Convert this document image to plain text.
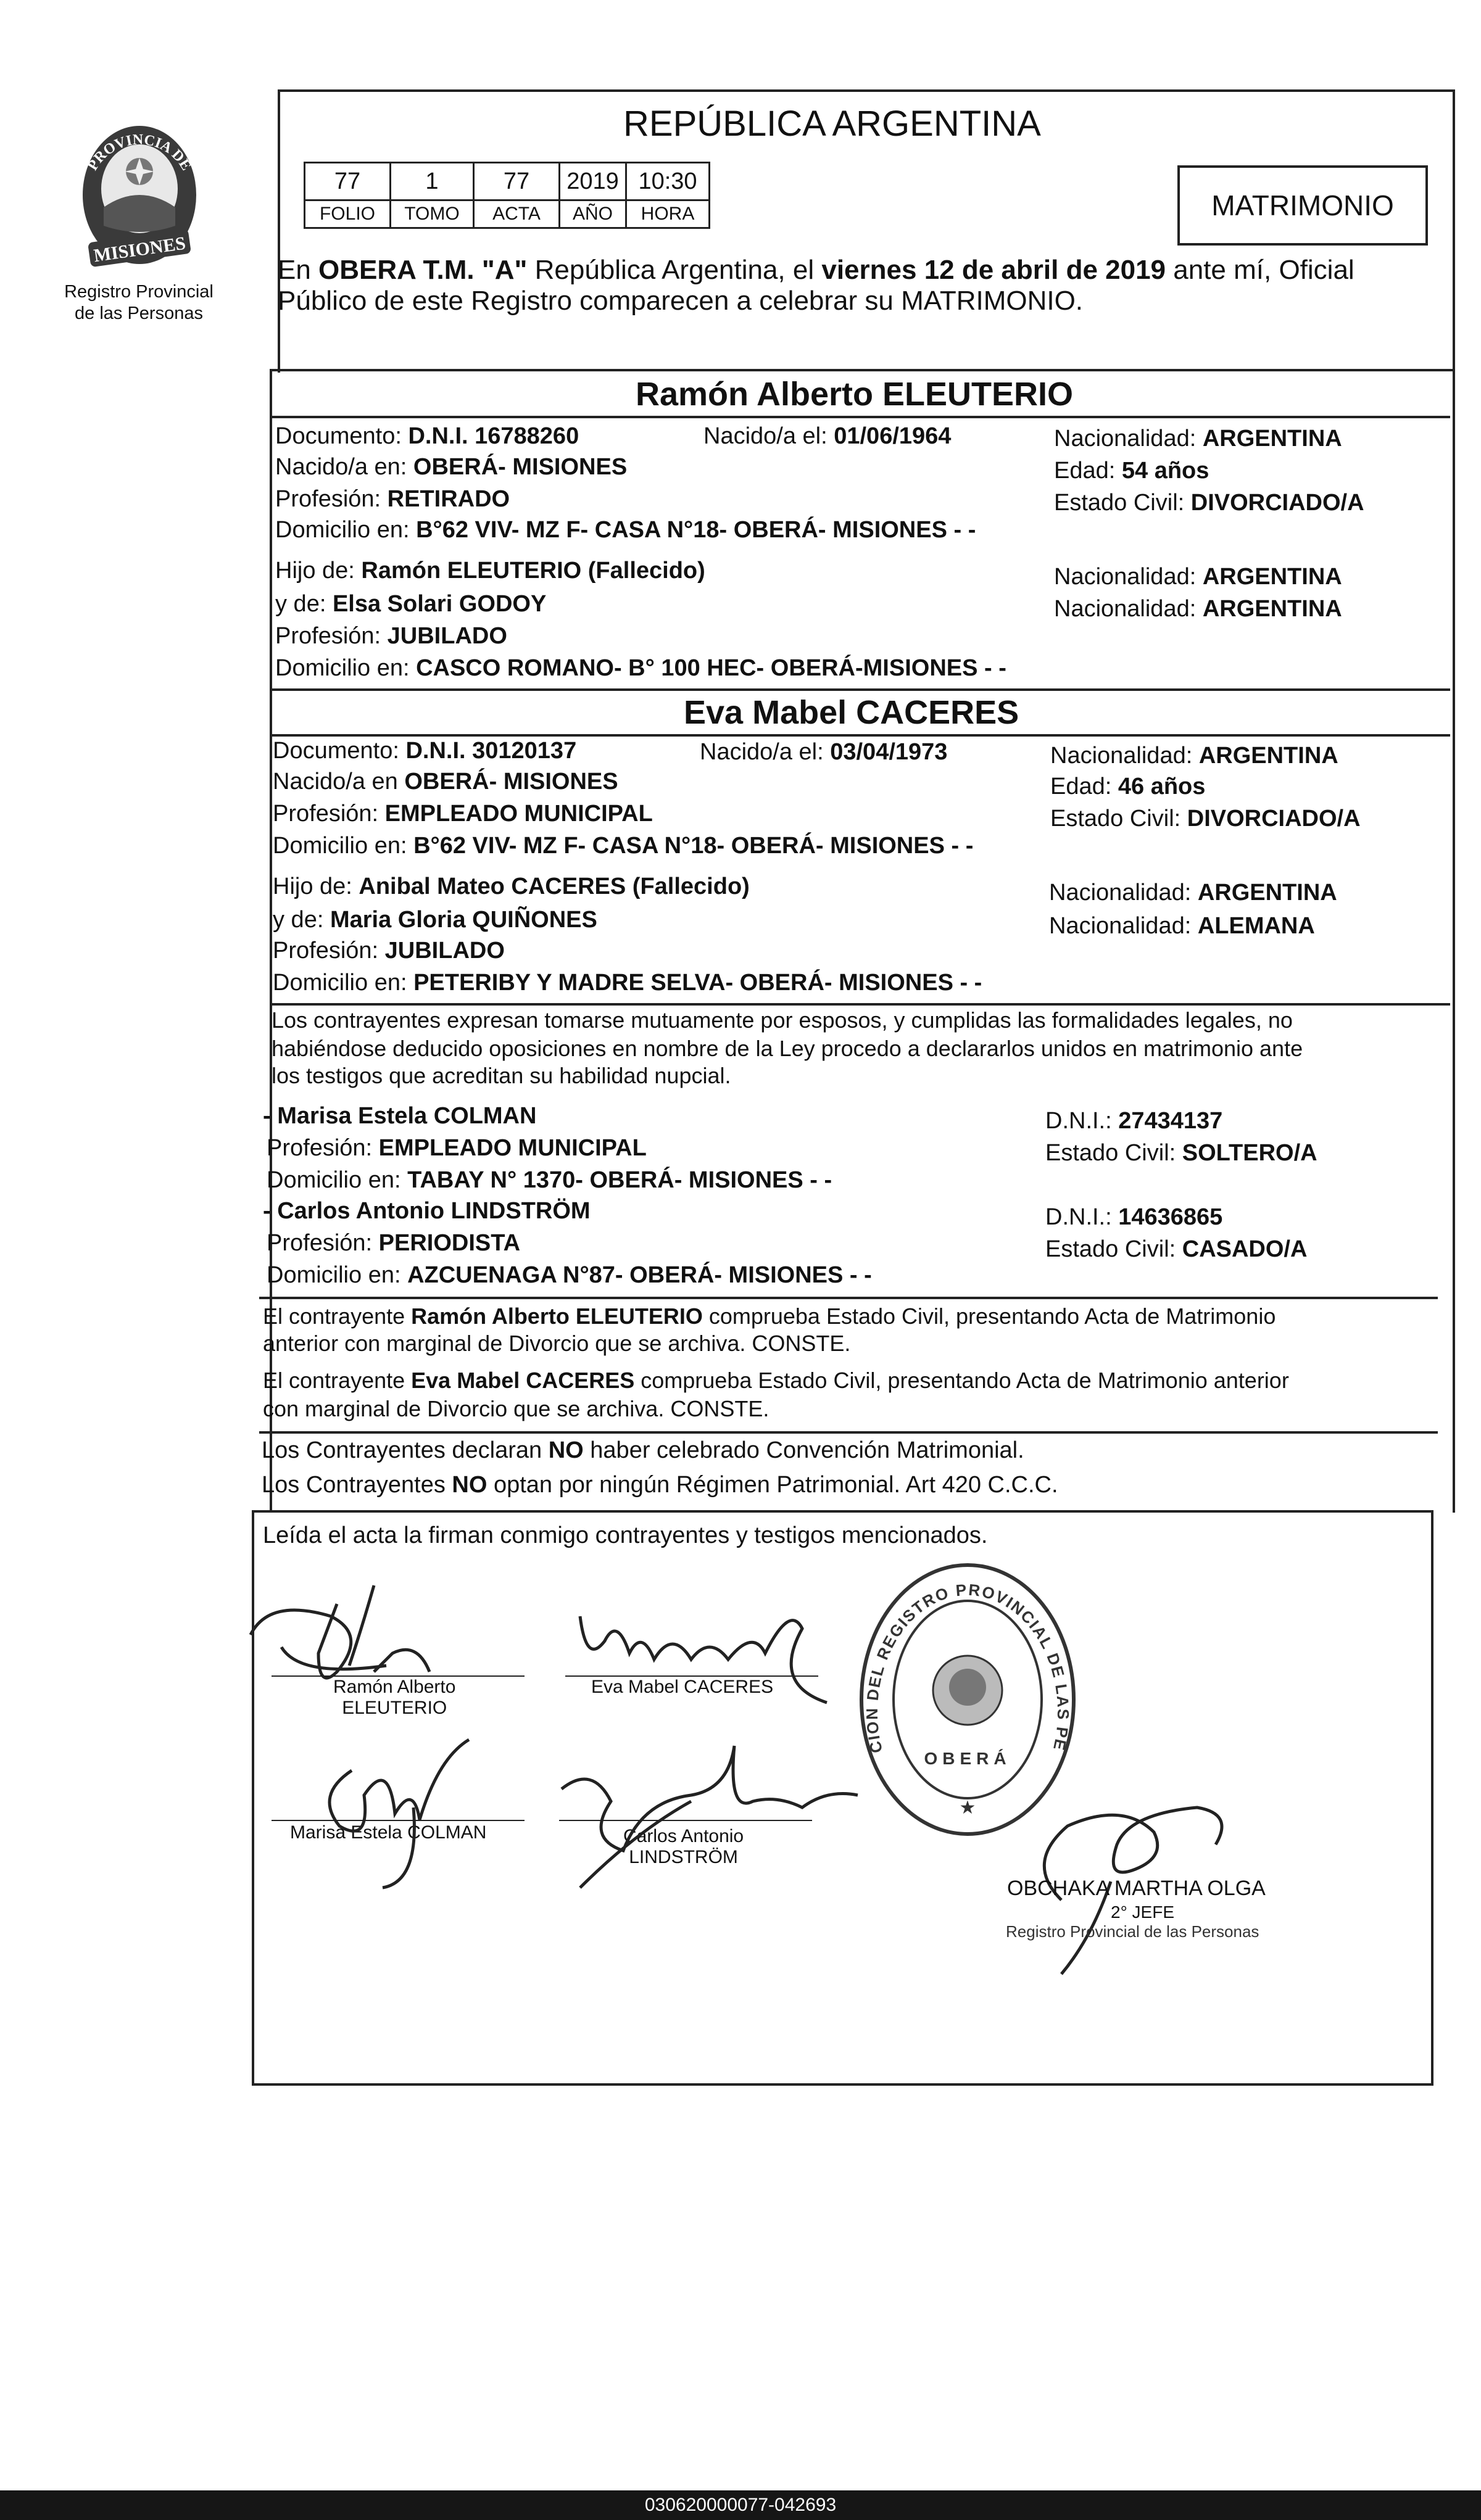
PROVINCIA DE
MISIONES
Registro Provincial
de las Personas
REPÚBLICA ARGENTINA
77	1	77	2019	10:30
FOLIO	TOMO	ACTA	AÑO	HORA	MATRIMONIO
En OBERA T.M. "A" República Argentina, el viernes 12 de abril de 2019 ante mí, Oficial
Público de este Registro comparecen a celebrar su MATRIMONIO.
Ramón Alberto ELEUTERIO
Documento: D.N.I. 16788260	Nacido/a el: 01/06/1964	Nacionalidad: ARGENTINA
Nacido/a en: OBERÁ- MISIONES	Edad: 54 años
Profesión: RETIRADO	Estado Civil: DIVORCIADO/A
Domicilio en: B°62 VIV- MZ F- CASA N°18- OBERÁ- MISIONES - -
Hijo de: Ramón ELEUTERIO (Fallecido)	Nacionalidad: ARGENTINA
y de: Elsa Solari GODOY	Nacionalidad: ARGENTINA
Profesión: JUBILADO
Domicilio en: CASCO ROMANO- B° 100 HEC- OBERÁ-MISIONES - -
Eva Mabel CACERES
Documento: D.N.I. 30120137	Nacido/a el: 03/04/1973	Nacionalidad: ARGENTINA
Nacido/a en OBERÁ- MISIONES	Edad: 46 años
Profesión: EMPLEADO MUNICIPAL	Estado Civil: DIVORCIADO/A
Domicilio en: B°62 VIV- MZ F- CASA N°18- OBERÁ- MISIONES - -
Hijo de: Anibal Mateo CACERES (Fallecido)	Nacionalidad: ARGENTINA
y de: Maria Gloria QUIÑONES	Nacionalidad: ALEMANA
Profesión: JUBILADO
Domicilio en: PETERIBY Y MADRE SELVA- OBERÁ- MISIONES - -
Los contrayentes expresan tomarse mutuamente por esposos, y cumplidas las formalidades legales, no
habiéndose deducido oposiciones en nombre de la Ley procedo a declararlos unidos en matrimonio ante
los testigos que acreditan su habilidad nupcial.
- Marisa Estela COLMAN	D.N.I.: 27434137
Profesión: EMPLEADO MUNICIPAL	Estado Civil: SOLTERO/A
Domicilio en: TABAY N° 1370- OBERÁ- MISIONES - -
- Carlos Antonio LINDSTRÖM	D.N.I.: 14636865
Profesión: PERIODISTA	Estado Civil: CASADO/A
Domicilio en: AZCUENAGA N°87- OBERÁ- MISIONES - -
El contrayente Ramón Alberto ELEUTERIO comprueba Estado Civil, presentando Acta de Matrimonio
anterior con marginal de Divorcio que se archiva. CONSTE.
El contrayente Eva Mabel CACERES comprueba Estado Civil, presentando Acta de Matrimonio anterior
con marginal de Divorcio que se archiva. CONSTE.
Los Contrayentes declaran NO haber celebrado Convención Matrimonial.
Los Contrayentes NO optan por ningún Régimen Patrimonial. Art 420 C.C.C.
Leída el acta la firman conmigo contrayentes y testigos mencionados.
Ramón Alberto
ELEUTERIO
Eva Mabel CACERES
Marisa Estela COLMAN	Carlos Antonio
LINDSTRÖM
CION DEL REGISTRO PROVINCIAL DE LAS PE
OBERÁ
★
OBCHAKA MARTHA OLGA
2° JEFE
Registro Provincial de las Personas
030620000077-042693
